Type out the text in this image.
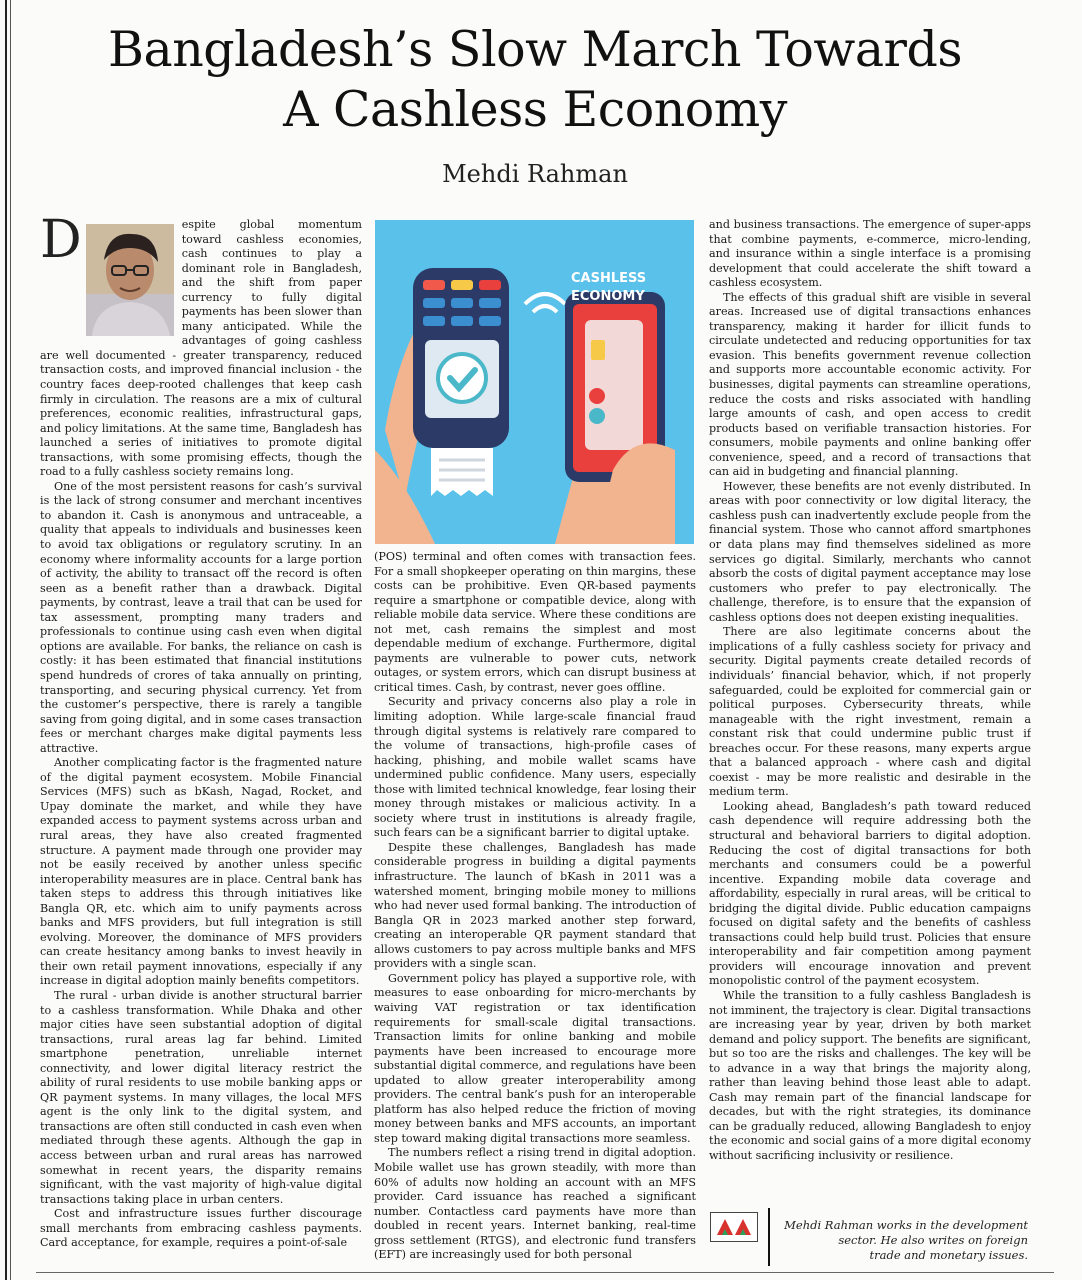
Bangladesh’s Slow March Towards
A Cashless Economy
Mehdi Rahman

D	espite global momentum toward cashless economies, cash continues to play a dominant role in Bangladesh, and the shift from paper currency to fully digital payments has been slower than many anticipated. While the advantages of going cashless are well documented - greater transparency, reduced transaction costs, and improved financial inclusion - the country faces deep-rooted challenges that keep cash firmly in circulation. The reasons are a mix of cultural preferences, economic realities, infrastructural gaps, and policy limitations. At the same time, Bangladesh has launched a series of initiatives to promote digital transactions, with some promising effects, though the road to a fully cashless society remains long.

One of the most persistent reasons for cash’s survival is the lack of strong consumer and merchant incentives to abandon it. Cash is anonymous and untraceable, a quality that appeals to individuals and businesses keen to avoid tax obligations or regulatory scrutiny. In an economy where informality accounts for a large portion of activity, the ability to transact off the record is often seen as a benefit rather than a drawback. Digital payments, by contrast, leave a trail that can be used for tax assessment, prompting many traders and professionals to continue using cash even when digital options are available. For banks, the reliance on cash is costly: it has been estimated that financial institutions spend hundreds of crores of taka annually on printing, transporting, and securing physical currency. Yet from the customer’s perspective, there is rarely a tangible saving from going digital, and in some cases transaction fees or merchant charges make digital payments less attractive.

Another complicating factor is the fragmented nature of the digital payment ecosystem. Mobile Financial Services (MFS) such as bKash, Nagad, Rocket, and Upay dominate the market, and while they have expanded access to payment systems across urban and rural areas, they have also created fragmented structure. A payment made through one provider may not be easily received by another unless specific interoperability measures are in place. Central bank has taken steps to address this through initiatives like Bangla QR, etc. which aim to unify payments across banks and MFS providers, but full integration is still evolving. Moreover, the dominance of MFS providers can create hesitancy among banks to invest heavily in their own retail payment innovations, especially if any increase in digital adoption mainly benefits competitors.

The rural - urban divide is another structural barrier to a cashless transformation. While Dhaka and other major cities have seen substantial adoption of digital transactions, rural areas lag far behind. Limited smartphone penetration, unreliable internet connectivity, and lower digital literacy restrict the ability of rural residents to use mobile banking apps or QR payment systems. In many villages, the local MFS agent is the only link to the digital system, and transactions are often still conducted in cash even when mediated through these agents. Although the gap in access between urban and rural areas has narrowed somewhat in recent years, the disparity remains significant, with the vast majority of high-value digital transactions taking place in urban centers.

Cost and infrastructure issues further discourage small merchants from embracing cashless payments. Card acceptance, for example, requires a point-of-sale

CASHLESS
ECONOMY

(POS) terminal and often comes with transaction fees. For a small shopkeeper operating on thin margins, these costs can be prohibitive. Even QR-based payments require a smartphone or compatible device, along with reliable mobile data service. Where these conditions are not met, cash remains the simplest and most dependable medium of exchange. Furthermore, digital payments are vulnerable to power cuts, network outages, or system errors, which can disrupt business at critical times. Cash, by contrast, never goes offline.

Security and privacy concerns also play a role in limiting adoption. While large-scale financial fraud through digital systems is relatively rare compared to the volume of transactions, high-profile cases of hacking, phishing, and mobile wallet scams have undermined public confidence. Many users, especially those with limited technical knowledge, fear losing their money through mistakes or malicious activity. In a society where trust in institutions is already fragile, such fears can be a significant barrier to digital uptake.

Despite these challenges, Bangladesh has made considerable progress in building a digital payments infrastructure. The launch of bKash in 2011 was a watershed moment, bringing mobile money to millions who had never used formal banking. The introduction of Bangla QR in 2023 marked another step forward, creating an interoperable QR payment standard that allows customers to pay across multiple banks and MFS providers with a single scan.

Government policy has played a supportive role, with measures to ease onboarding for micro-merchants by waiving VAT registration or tax identification requirements for small-scale digital transactions. Transaction limits for online banking and mobile payments have been increased to encourage more substantial digital commerce, and regulations have been updated to allow greater interoperability among providers. The central bank’s push for an interoperable platform has also helped reduce the friction of moving money between banks and MFS accounts, an important step toward making digital transactions more seamless.

The numbers reflect a rising trend in digital adoption. Mobile wallet use has grown steadily, with more than 60% of adults now holding an account with an MFS provider. Card issuance has reached a significant number. Contactless card payments have more than doubled in recent years. Internet banking, real-time gross settlement (RTGS), and electronic fund transfers (EFT) are increasingly used for both personal

and business transactions. The emergence of super-apps that combine payments, e-commerce, micro-lending, and insurance within a single interface is a promising development that could accelerate the shift toward a cashless ecosystem.

The effects of this gradual shift are visible in several areas. Increased use of digital transactions enhances transparency, making it harder for illicit funds to circulate undetected and reducing opportunities for tax evasion. This benefits government revenue collection and supports more accountable economic activity. For businesses, digital payments can streamline operations, reduce the costs and risks associated with handling large amounts of cash, and open access to credit products based on verifiable transaction histories. For consumers, mobile payments and online banking offer convenience, speed, and a record of transactions that can aid in budgeting and financial planning.

However, these benefits are not evenly distributed. In areas with poor connectivity or low digital literacy, the cashless push can inadvertently exclude people from the financial system. Those who cannot afford smartphones or data plans may find themselves sidelined as more services go digital. Similarly, merchants who cannot absorb the costs of digital payment acceptance may lose customers who prefer to pay electronically. The challenge, therefore, is to ensure that the expansion of cashless options does not deepen existing inequalities.

There are also legitimate concerns about the implications of a fully cashless society for privacy and security. Digital payments create detailed records of individuals’ financial behavior, which, if not properly safeguarded, could be exploited for commercial gain or political purposes. Cybersecurity threats, while manageable with the right investment, remain a constant risk that could undermine public trust if breaches occur. For these reasons, many experts argue that a balanced approach - where cash and digital coexist - may be more realistic and desirable in the medium term.

Looking ahead, Bangladesh’s path toward reduced cash dependence will require addressing both the structural and behavioral barriers to digital adoption. Reducing the cost of digital transactions for both merchants and consumers could be a powerful incentive. Expanding mobile data coverage and affordability, especially in rural areas, will be critical to bridging the digital divide. Public education campaigns focused on digital safety and the benefits of cashless transactions could help build trust. Policies that ensure interoperability and fair competition among payment providers will encourage innovation and prevent monopolistic control of the payment ecosystem.

While the transition to a fully cashless Bangladesh is not imminent, the trajectory is clear. Digital transactions are increasing year by year, driven by both market demand and policy support. The benefits are significant, but so too are the risks and challenges. The key will be to advance in a way that brings the majority along, rather than leaving behind those least able to adapt. Cash may remain part of the financial landscape for decades, but with the right strategies, its dominance can be gradually reduced, allowing Bangladesh to enjoy the economic and social gains of a more digital economy without sacrificing inclusivity or resilience.

Mehdi Rahman works in the development
sector. He also writes on foreign
trade and monetary issues.
